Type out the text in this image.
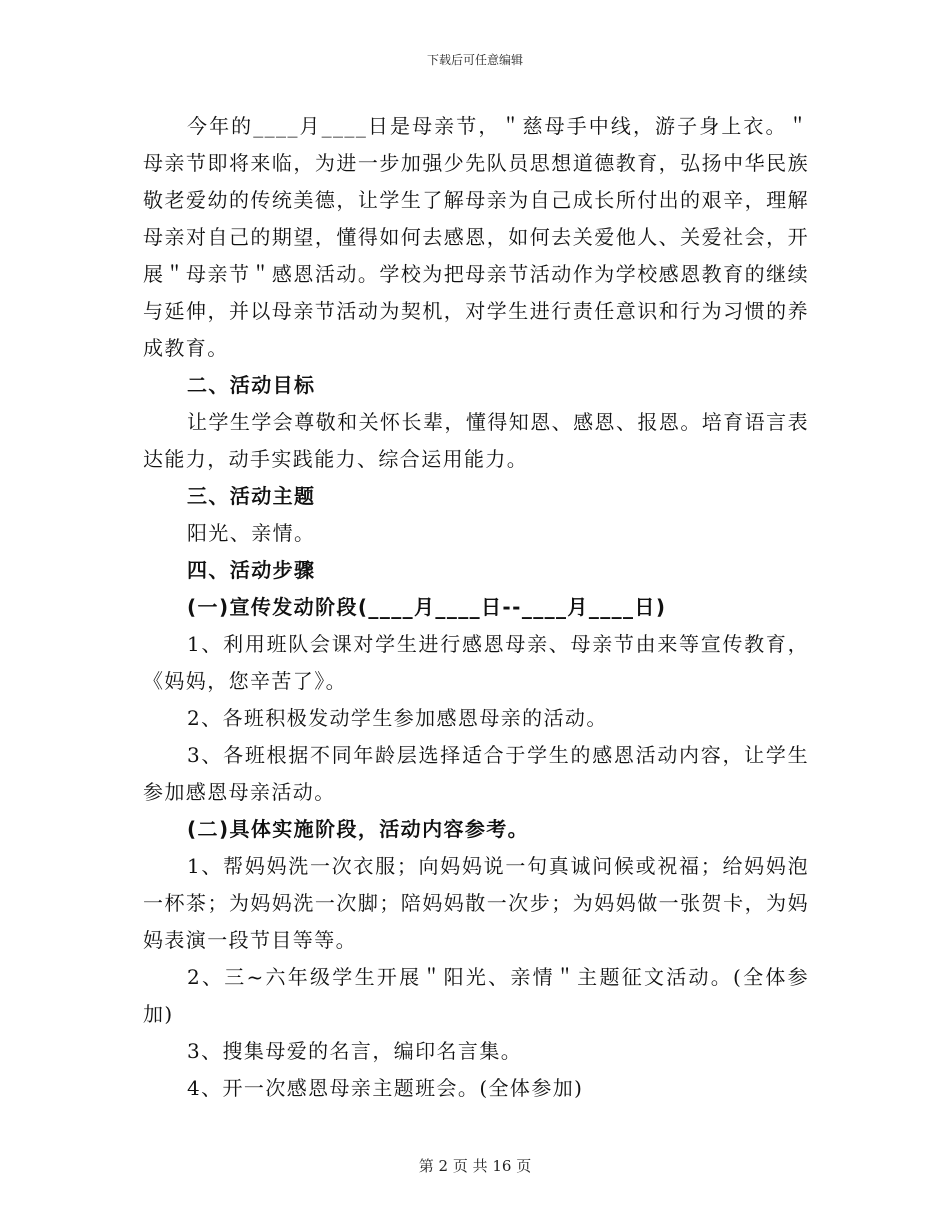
下载后可任意编辑

今年的____月____日是母亲节，＂慈母手中线，游子身上衣。＂母亲节即将来临，为进一步加强少先队员思想道德教育，弘扬中华民族敬老爱幼的传统美德，让学生了解母亲为自己成长所付出的艰辛，理解母亲对自己的期望，懂得如何去感恩，如何去关爱他人、关爱社会，开展＂母亲节＂感恩活动。学校为把母亲节活动作为学校感恩教育的继续与延伸，并以母亲节活动为契机，对学生进行责任意识和行为习惯的养成教育。

二、活动目标

让学生学会尊敬和关怀长辈，懂得知恩、感恩、报恩。培育语言表达能力，动手实践能力、综合运用能力。

三、活动主题

阳光、亲情。

四、活动步骤

(一)宣传发动阶段(____月____日--____月____日)

1、利用班队会课对学生进行感恩母亲、母亲节由来等宣传教育，《妈妈，您辛苦了》。

2、各班积极发动学生参加感恩母亲的活动。

3、各班根据不同年龄层选择适合于学生的感恩活动内容，让学生参加感恩母亲活动。

(二)具体实施阶段，活动内容参考。

1、帮妈妈洗一次衣服；向妈妈说一句真诚问候或祝福；给妈妈泡一杯茶；为妈妈洗一次脚；陪妈妈散一次步；为妈妈做一张贺卡，为妈妈表演一段节目等等。

2、三~六年级学生开展＂阳光、亲情＂主题征文活动。(全体参加)

3、搜集母爱的名言，编印名言集。

4、开一次感恩母亲主题班会。(全体参加)

第 2 页 共 16 页
